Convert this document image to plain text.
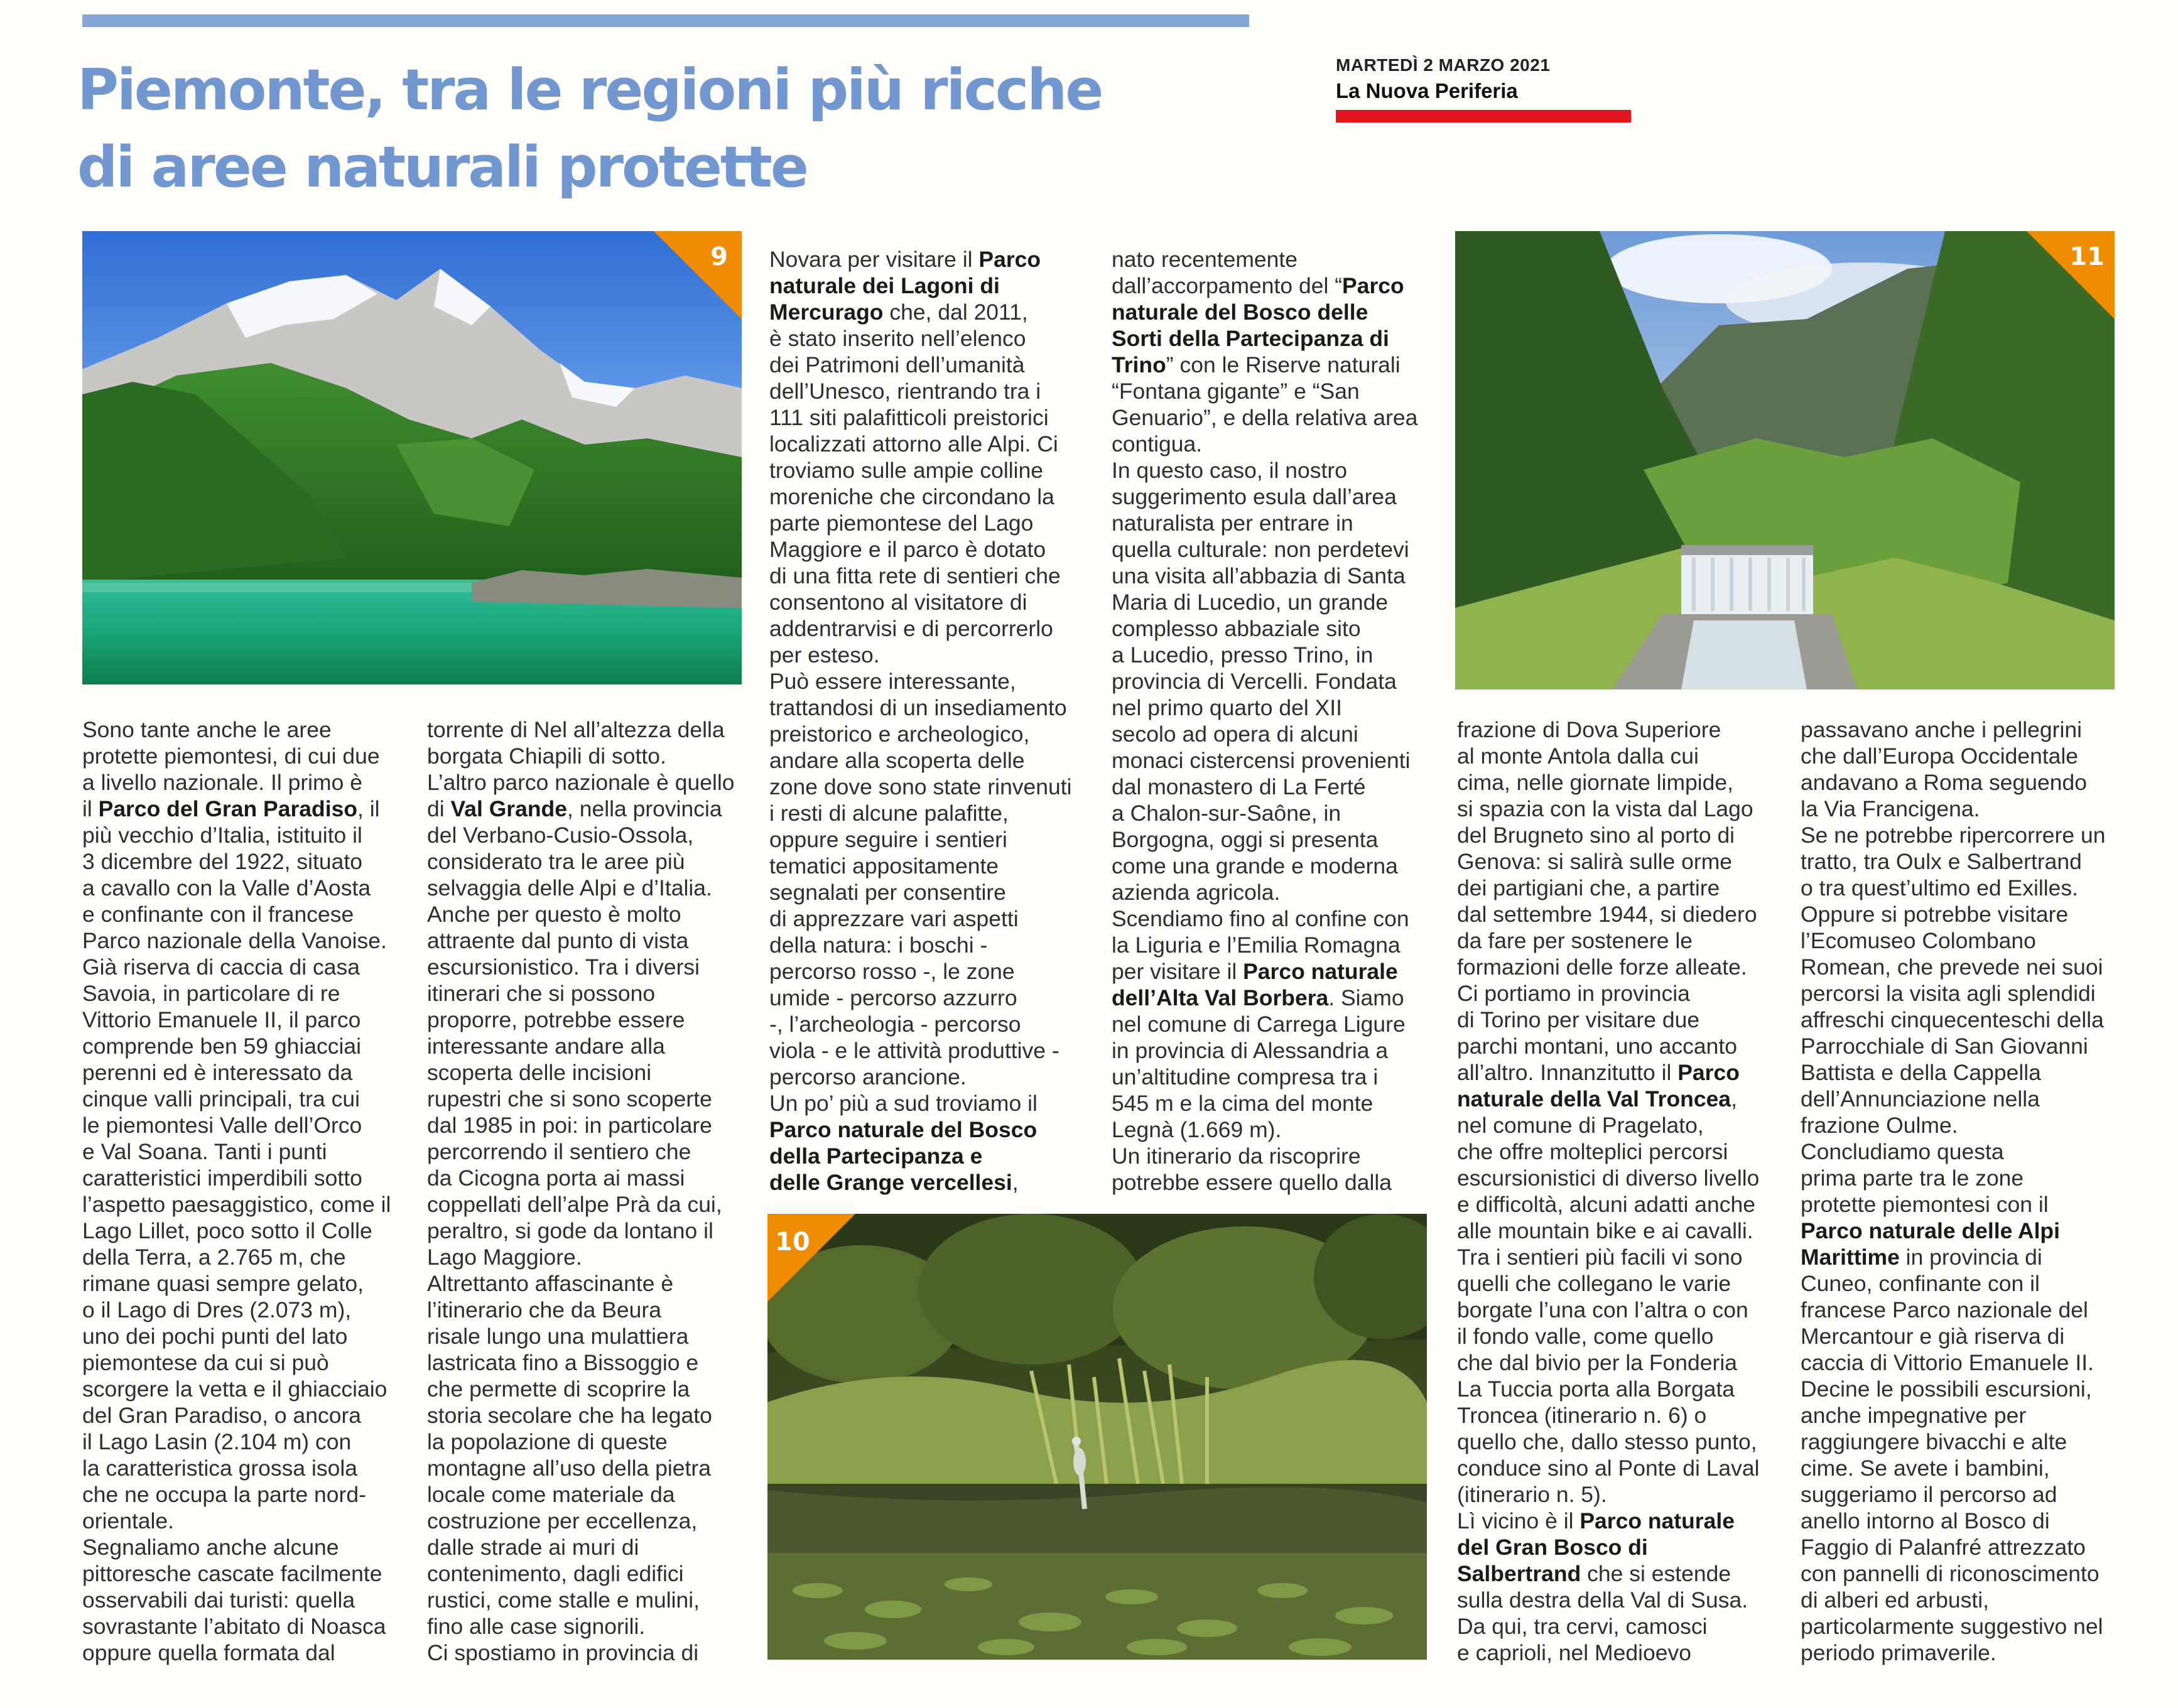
Piemonte, tra le regioni più ricche
di aree naturali protette
MARTEDÌ 2 MARZO 2021
La Nuova Periferia
9	11
10

Sono tante anche le aree

protette piemontesi, di cui due

a livello nazionale. Il primo è

il Parco del Gran Paradiso, il

più vecchio d’Italia, istituito il

3 dicembre del 1922, situato

a cavallo con la Valle d’Aosta

e confinante con il francese

Parco nazionale della Vanoise.

Già riserva di caccia di casa

Savoia, in particolare di re

Vittorio Emanuele II, il parco

comprende ben 59 ghiacciai

perenni ed è interessato da

cinque valli principali, tra cui

le piemontesi Valle dell’Orco

e Val Soana. Tanti i punti

caratteristici imperdibili sotto

l’aspetto paesaggistico, come il

Lago Lillet, poco sotto il Colle

della Terra, a 2.765 m, che

rimane quasi sempre gelato,

o il Lago di Dres (2.073 m),

uno dei pochi punti del lato

piemontese da cui si può

scorgere la vetta e il ghiacciaio

del Gran Paradiso, o ancora

il Lago Lasin (2.104 m) con

la caratteristica grossa isola

che ne occupa la parte nord-

orientale.

Segnaliamo anche alcune

pittoresche cascate facilmente

osservabili dai turisti: quella

sovrastante l’abitato di Noasca

oppure quella formata dal

torrente di Nel all’altezza della

borgata Chiapili di sotto.

L’altro parco nazionale è quello

di Val Grande, nella provincia

del Verbano-Cusio-Ossola,

considerato tra le aree più

selvaggia delle Alpi e d’Italia.

Anche per questo è molto

attraente dal punto di vista

escursionistico. Tra i diversi

itinerari che si possono

proporre, potrebbe essere

interessante andare alla

scoperta delle incisioni

rupestri che si sono scoperte

dal 1985 in poi: in particolare

percorrendo il sentiero che

da Cicogna porta ai massi

coppellati dell’alpe Prà da cui,

peraltro, si gode da lontano il

Lago Maggiore.

Altrettanto affascinante è

l’itinerario che da Beura

risale lungo una mulattiera

lastricata fino a Bissoggio e

che permette di scoprire la

storia secolare che ha legato

la popolazione di queste

montagne all’uso della pietra

locale come materiale da

costruzione per eccellenza,

dalle strade ai muri di

contenimento, dagli edifici

rustici, come stalle e mulini,

fino alle case signorili.

Ci spostiamo in provincia di

Novara per visitare il Parco

naturale dei Lagoni di

Mercurago che, dal 2011,

è stato inserito nell’elenco

dei Patrimoni dell’umanità

dell’Unesco, rientrando tra i

111 siti palafitticoli preistorici

localizzati attorno alle Alpi. Ci

troviamo sulle ampie colline

moreniche che circondano la

parte piemontese del Lago

Maggiore e il parco è dotato

di una fitta rete di sentieri che

consentono al visitatore di

addentrarvisi e di percorrerlo

per esteso.

Può essere interessante,

trattandosi di un insediamento

preistorico e archeologico,

andare alla scoperta delle

zone dove sono state rinvenuti

i resti di alcune palafitte,

oppure seguire i sentieri

tematici appositamente

segnalati per consentire

di apprezzare vari aspetti

della natura: i boschi -

percorso rosso -, le zone

umide - percorso azzurro

-, l’archeologia - percorso

viola - e le attività produttive -

percorso arancione.

Un po’ più a sud troviamo il

Parco naturale del Bosco

della Partecipanza e

delle Grange vercellesi,

nato recentemente

dall’accorpamento del “Parco

naturale del Bosco delle

Sorti della Partecipanza di

Trino” con le Riserve naturali

“Fontana gigante” e “San

Genuario”, e della relativa area

contigua.

In questo caso, il nostro

suggerimento esula dall’area

naturalista per entrare in

quella culturale: non perdetevi

una visita all’abbazia di Santa

Maria di Lucedio, un grande

complesso abbaziale sito

a Lucedio, presso Trino, in

provincia di Vercelli. Fondata

nel primo quarto del XII

secolo ad opera di alcuni

monaci cistercensi provenienti

dal monastero di La Ferté

a Chalon-sur-Saône, in

Borgogna, oggi si presenta

come una grande e moderna

azienda agricola.

Scendiamo fino al confine con

la Liguria e l’Emilia Romagna

per visitare il Parco naturale

dell’Alta Val Borbera. Siamo

nel comune di Carrega Ligure

in provincia di Alessandria a

un’altitudine compresa tra i

545 m e la cima del monte

Legnà (1.669 m).

Un itinerario da riscoprire

potrebbe essere quello dalla

frazione di Dova Superiore

al monte Antola dalla cui

cima, nelle giornate limpide,

si spazia con la vista dal Lago

del Brugneto sino al porto di

Genova: si salirà sulle orme

dei partigiani che, a partire

dal settembre 1944, si diedero

da fare per sostenere le

formazioni delle forze alleate.

Ci portiamo in provincia

di Torino per visitare due

parchi montani, uno accanto

all’altro. Innanzitutto il Parco

naturale della Val Troncea,

nel comune di Pragelato,

che offre molteplici percorsi

escursionistici di diverso livello

e difficoltà, alcuni adatti anche

alle mountain bike e ai cavalli.

Tra i sentieri più facili vi sono

quelli che collegano le varie

borgate l’una con l’altra o con

il fondo valle, come quello

che dal bivio per la Fonderia

La Tuccia porta alla Borgata

Troncea (itinerario n. 6) o

quello che, dallo stesso punto,

conduce sino al Ponte di Laval

(itinerario n. 5).

Lì vicino è il Parco naturale

del Gran Bosco di

Salbertrand che si estende

sulla destra della Val di Susa.

Da qui, tra cervi, camosci

e caprioli, nel Medioevo

passavano anche i pellegrini

che dall’Europa Occidentale

andavano a Roma seguendo

la Via Francigena.

Se ne potrebbe ripercorrere un

tratto, tra Oulx e Salbertrand

o tra quest’ultimo ed Exilles.

Oppure si potrebbe visitare

l’Ecomuseo Colombano

Romean, che prevede nei suoi

percorsi la visita agli splendidi

affreschi cinquecenteschi della

Parrocchiale di San Giovanni

Battista e della Cappella

dell’Annunciazione nella

frazione Oulme.

Concludiamo questa

prima parte tra le zone

protette piemontesi con il

Parco naturale delle Alpi

Marittime in provincia di

Cuneo, confinante con il

francese Parco nazionale del

Mercantour e già riserva di

caccia di Vittorio Emanuele II.

Decine le possibili escursioni,

anche impegnative per

raggiungere bivacchi e alte

cime. Se avete i bambini,

suggeriamo il percorso ad

anello intorno al Bosco di

Faggio di Palanfré attrezzato

con pannelli di riconoscimento

di alberi ed arbusti,

particolarmente suggestivo nel

periodo primaverile.
